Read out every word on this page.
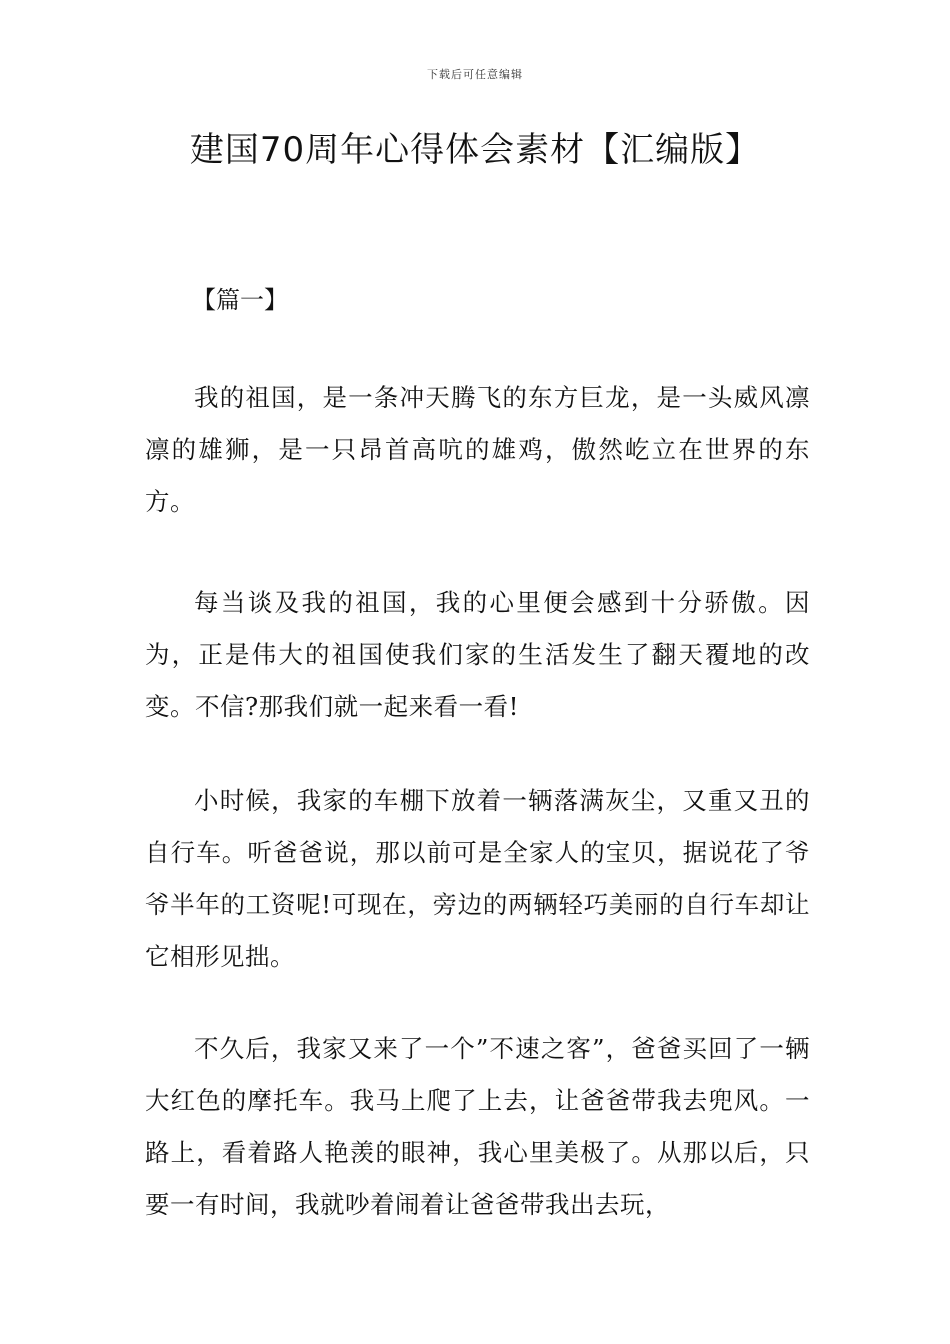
下载后可任意编辑
建国70周年心得体会素材【汇编版】
【篇一】

我的祖国，是一条冲天腾飞的东方巨龙，是一头威风凛凛的雄狮，是一只昂首高吭的雄鸡，傲然屹立在世界的东方。

每当谈及我的祖国，我的心里便会感到十分骄傲。因为，正是伟大的祖国使我们家的生活发生了翻天覆地的改变。不信?那我们就一起来看一看!

小时候，我家的车棚下放着一辆落满灰尘，又重又丑的自行车。听爸爸说，那以前可是全家人的宝贝，据说花了爷爷半年的工资呢!可现在，旁边的两辆轻巧美丽的自行车却让它相形见拙。

不久后，我家又来了一个”不速之客”，爸爸买回了一辆大红色的摩托车。我马上爬了上去，让爸爸带我去兜风。一路上，看着路人艳羡的眼神，我心里美极了。从那以后，只要一有时间，我就吵着闹着让爸爸带我出去玩，
